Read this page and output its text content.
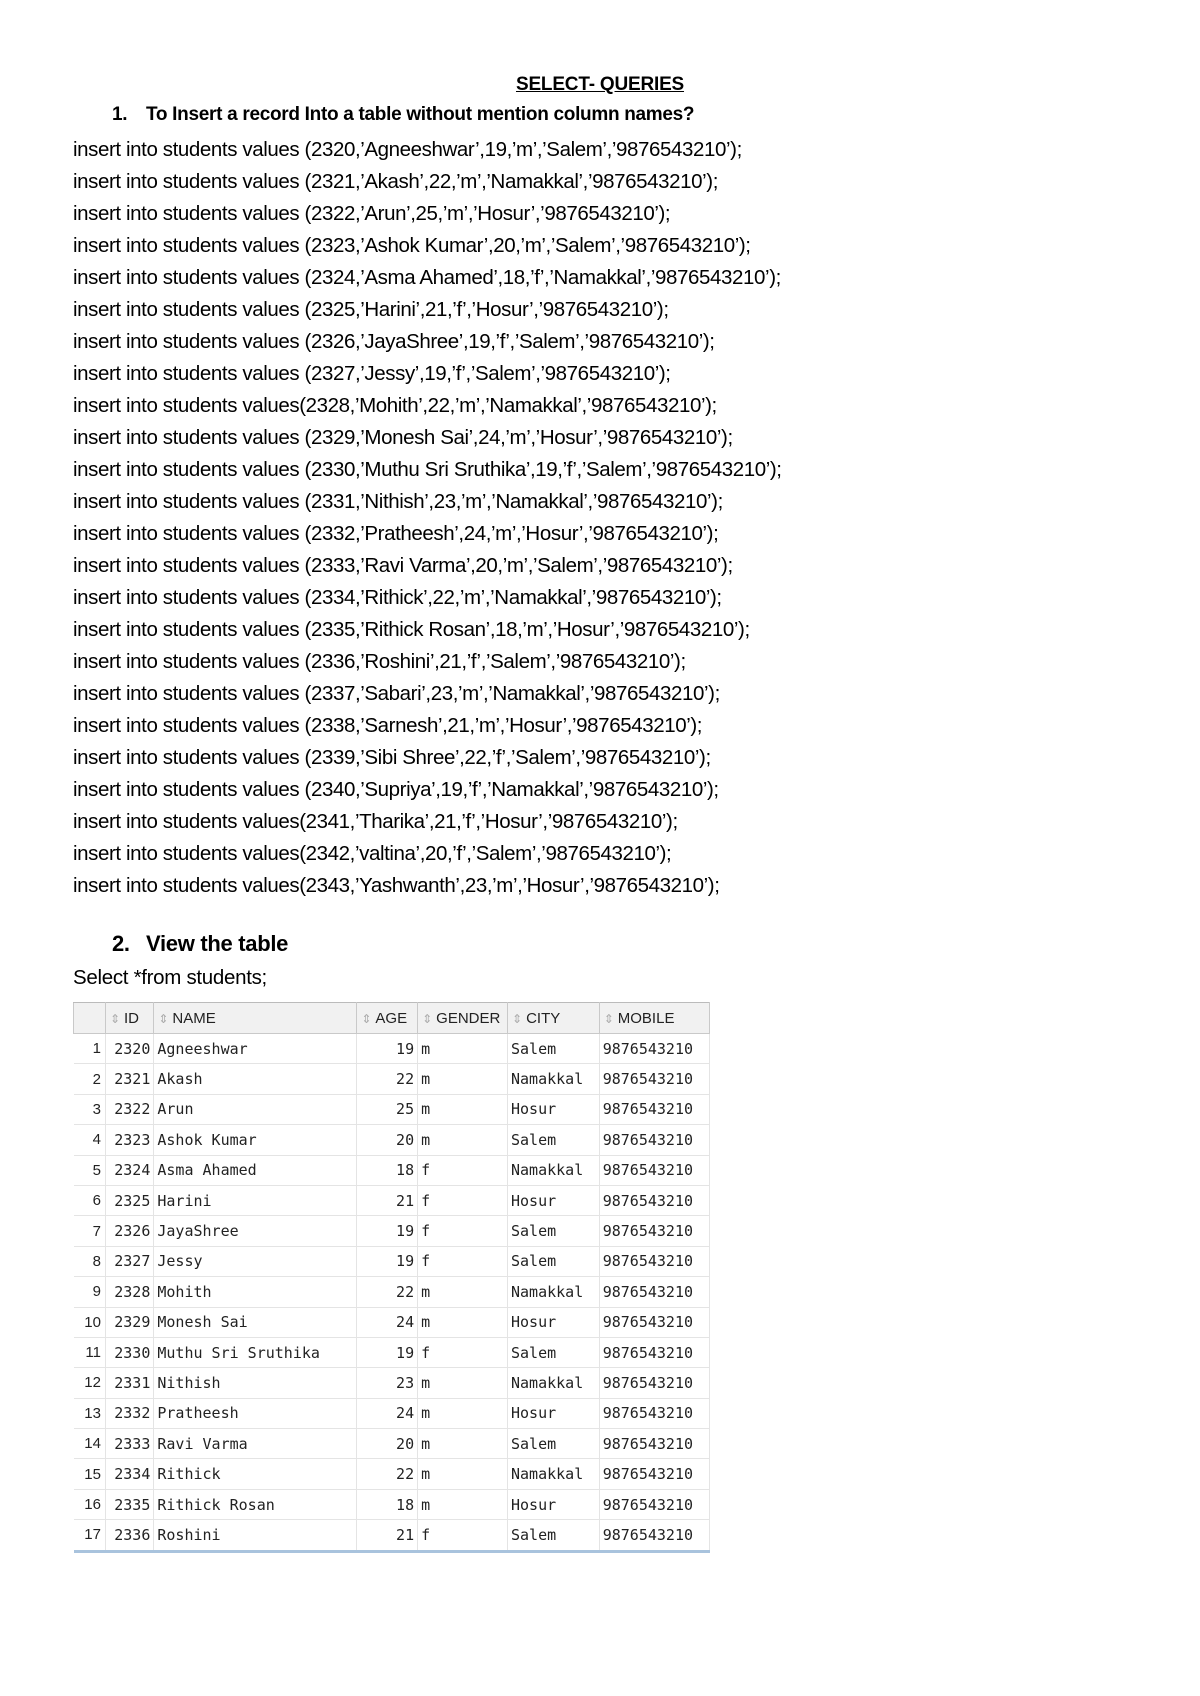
SELECT- QUERIES
1. To Insert a record Into a table without mention column names?
insert into students values (2320,’Agneeshwar’,19,’m’,’Salem’,’9876543210’);
insert into students values (2321,’Akash’,22,’m’,’Namakkal’,’9876543210’);
insert into students values (2322,’Arun’,25,’m’,’Hosur’,’9876543210’);
insert into students values (2323,’Ashok Kumar’,20,’m’,’Salem’,’9876543210’);
insert into students values (2324,’Asma Ahamed’,18,’f’,’Namakkal’,’9876543210’);
insert into students values (2325,’Harini’,21,’f’,’Hosur’,’9876543210’);
insert into students values (2326,’JayaShree’,19,’f’,’Salem’,’9876543210’);
insert into students values (2327,’Jessy’,19,’f’,’Salem’,’9876543210’);
insert into students values(2328,’Mohith’,22,’m’,’Namakkal’,’9876543210’);
insert into students values (2329,’Monesh Sai’,24,’m’,’Hosur’,’9876543210’);
insert into students values (2330,’Muthu Sri Sruthika’,19,’f’,’Salem’,’9876543210’);
insert into students values (2331,’Nithish’,23,’m’,’Namakkal’,’9876543210’);
insert into students values (2332,’Pratheesh’,24,’m’,’Hosur’,’9876543210’);
insert into students values (2333,’Ravi Varma’,20,’m’,’Salem’,’9876543210’);
insert into students values (2334,’Rithick’,22,’m’,’Namakkal’,’9876543210’);
insert into students values (2335,’Rithick Rosan’,18,’m’,’Hosur’,’9876543210’);
insert into students values (2336,’Roshini’,21,’f’,’Salem’,’9876543210’);
insert into students values (2337,’Sabari’,23,’m’,’Namakkal’,’9876543210’);
insert into students values (2338,’Sarnesh’,21,’m’,’Hosur’,’9876543210’);
insert into students values (2339,’Sibi Shree’,22,’f’,’Salem’,’9876543210’);
insert into students values (2340,’Supriya’,19,’f’,’Namakkal’,’9876543210’);
insert into students values(2341,’Tharika’,21,’f’,’Hosur’,’9876543210’);
insert into students values(2342,’valtina’,20,’f’,’Salem’,’9876543210’);
insert into students values(2343,’Yashwanth’,23,’m’,’Hosur’,’9876543210’);
2. View the table
Select *from students;
	⇕ ID	⇕ NAME	⇕ AGE	⇕ GENDER	⇕ CITY	⇕ MOBILE
1	2320	Agneeshwar	19	m	Salem	9876543210
2	2321	Akash	22	m	Namakkal	9876543210
3	2322	Arun	25	m	Hosur	9876543210
4	2323	Ashok Kumar	20	m	Salem	9876543210
5	2324	Asma Ahamed	18	f	Namakkal	9876543210
6	2325	Harini	21	f	Hosur	9876543210
7	2326	JayaShree	19	f	Salem	9876543210
8	2327	Jessy	19	f	Salem	9876543210
9	2328	Mohith	22	m	Namakkal	9876543210
10	2329	Monesh Sai	24	m	Hosur	9876543210
11	2330	Muthu Sri Sruthika	19	f	Salem	9876543210
12	2331	Nithish	23	m	Namakkal	9876543210
13	2332	Pratheesh	24	m	Hosur	9876543210
14	2333	Ravi Varma	20	m	Salem	9876543210
15	2334	Rithick	22	m	Namakkal	9876543210
16	2335	Rithick Rosan	18	m	Hosur	9876543210
17	2336	Roshini	21	f	Salem	9876543210
